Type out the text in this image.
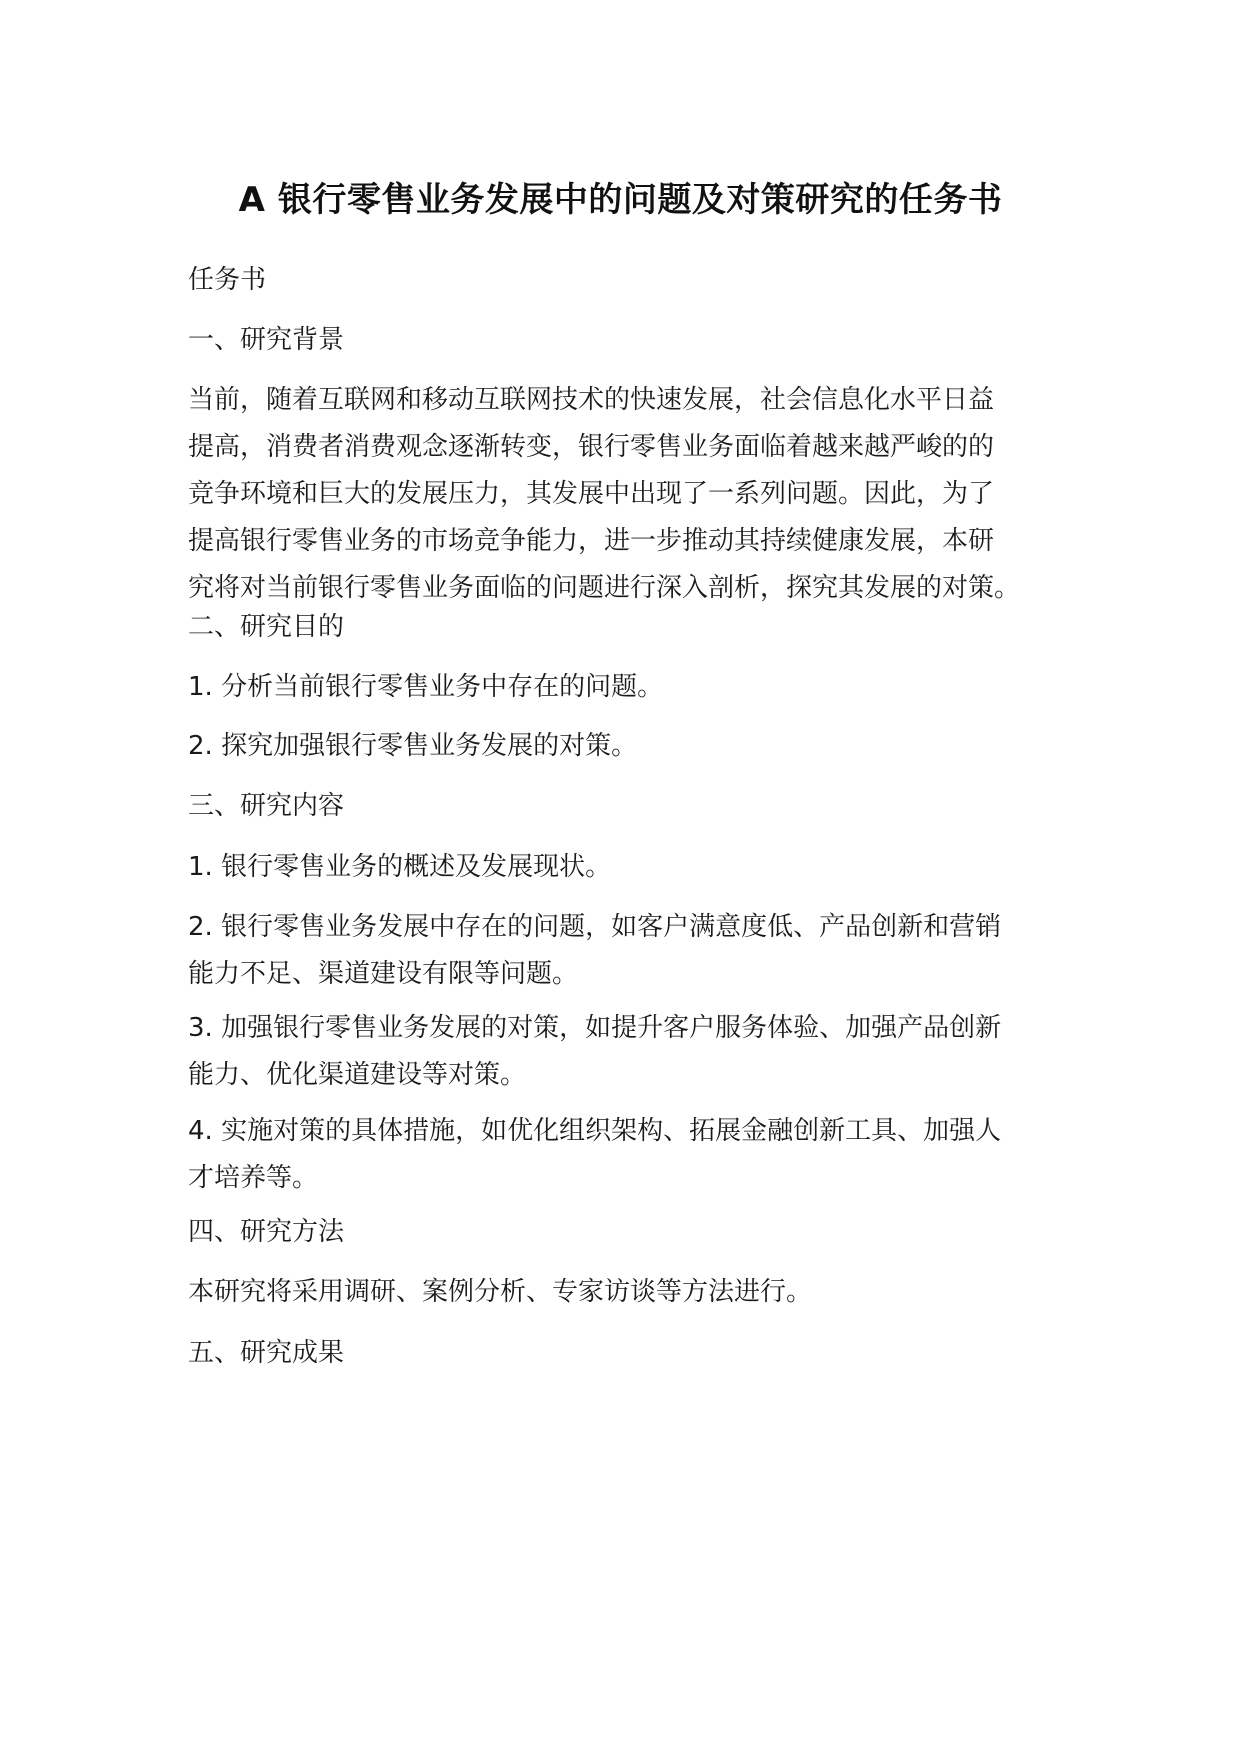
A 银行零售业务发展中的问题及对策研究的任务书
任务书
一、研究背景
当前，随着互联网和移动互联网技术的快速发展，社会信息化水平日益
提高，消费者消费观念逐渐转变，银行零售业务面临着越来越严峻的的
竞争环境和巨大的发展压力，其发展中出现了一系列问题。因此，为了
提高银行零售业务的市场竞争能力，进一步推动其持续健康发展，本研
究将对当前银行零售业务面临的问题进行深入剖析，探究其发展的对策。
二、研究目的
1. 分析当前银行零售业务中存在的问题。
2. 探究加强银行零售业务发展的对策。
三、研究内容
1. 银行零售业务的概述及发展现状。
2. 银行零售业务发展中存在的问题，如客户满意度低、产品创新和营销
能力不足、渠道建设有限等问题。
3. 加强银行零售业务发展的对策，如提升客户服务体验、加强产品创新
能力、优化渠道建设等对策。
4. 实施对策的具体措施，如优化组织架构、拓展金融创新工具、加强人
才培养等。
四、研究方法
本研究将采用调研、案例分析、专家访谈等方法进行。
五、研究成果
